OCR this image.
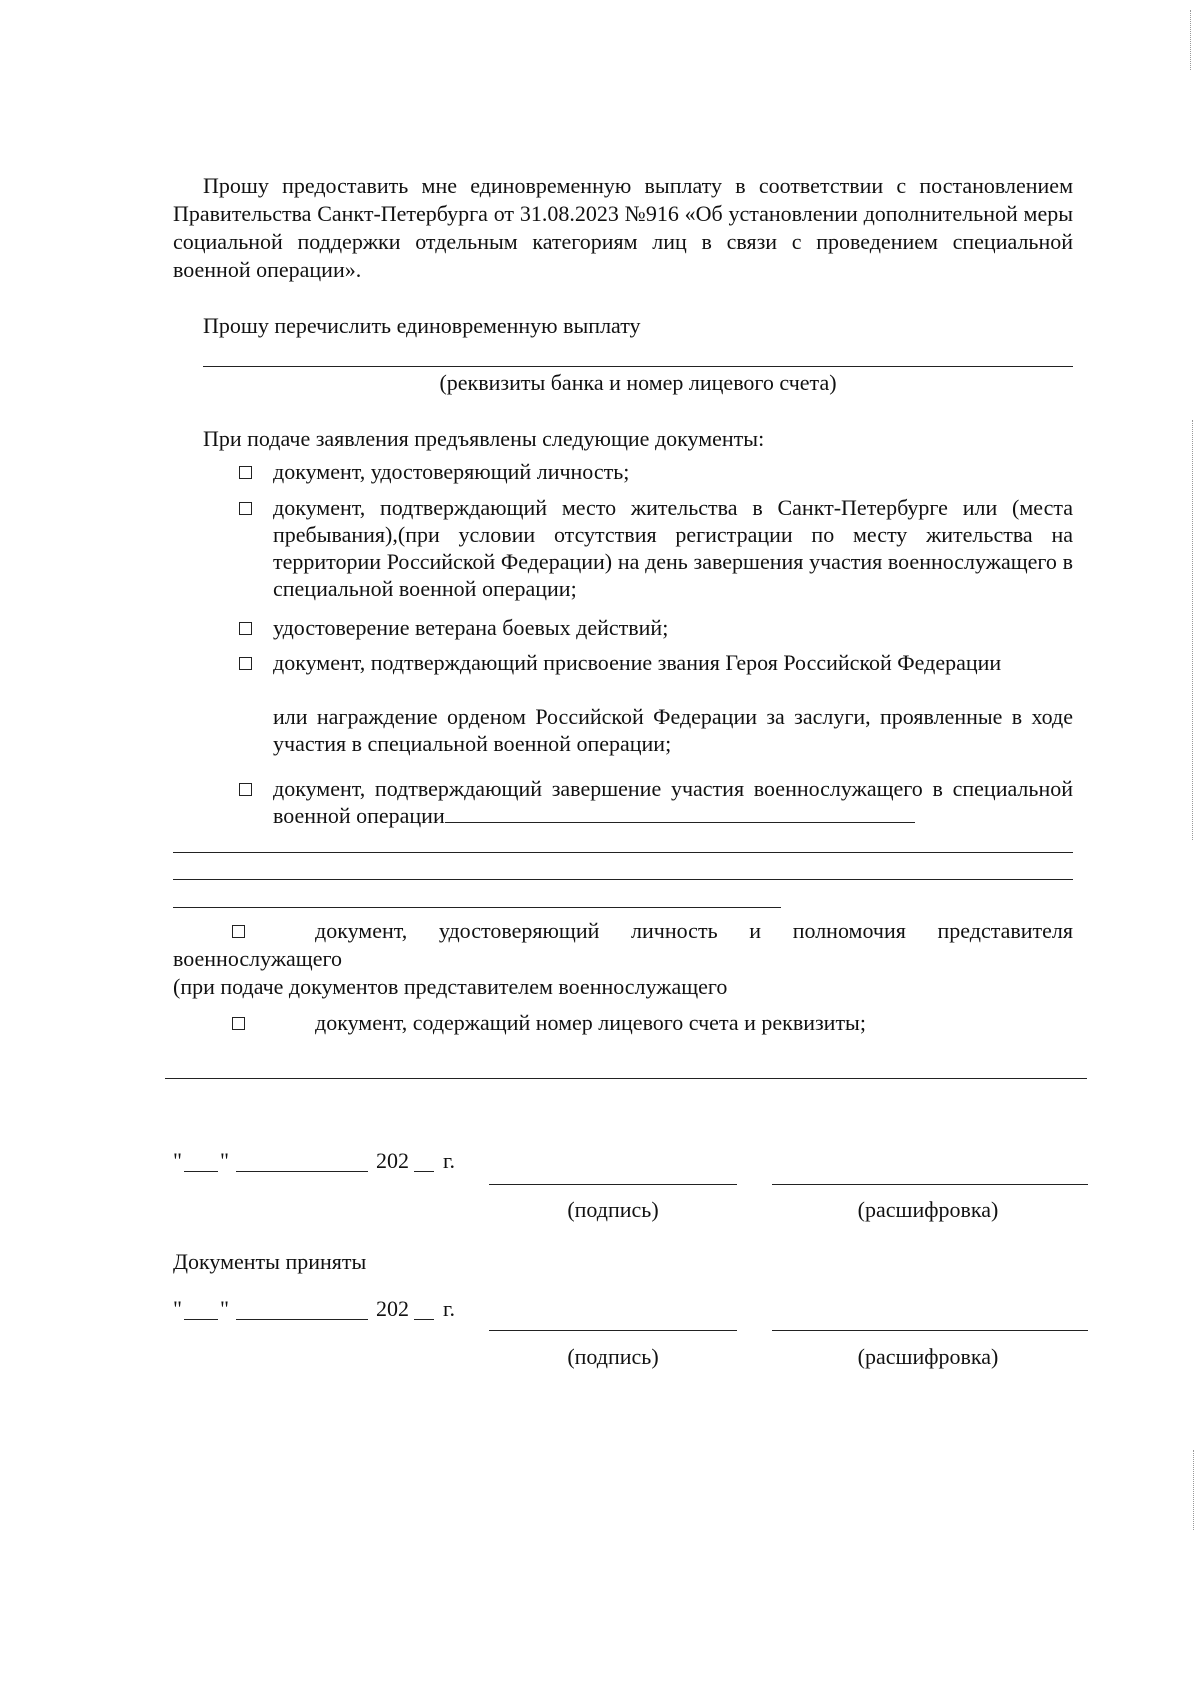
Прошу предоставить мне единовременную выплату в соответствии с постановлением Правительства Санкт-Петербурга от 31.08.2023 №916 «Об установлении дополнительной меры социальной поддержки отдельным категориям лиц в связи с проведением специальной военной операции».
Прошу перечислить единовременную выплату
(реквизиты банка и номер лицевого счета)
При подаче заявления предъявлены следующие документы:
документ, удостоверяющий личность;
документ, подтверждающий место жительства в Санкт-Петербурге или (места пребывания),(при условии отсутствия регистрации по месту жительства на территории Российской Федерации) на день завершения участия военнослужащего в специальной военной операции;
удостоверение ветерана боевых действий;
документ, подтверждающий присвоение звания Героя Российской Федерации
или награждение орденом Российской Федерации за заслуги, проявленные в ходе участия в специальной военной операции;
документ, подтверждающий завершение участия военнослужащего в специальной военной операции
документ, удостоверяющий личность и полномочия представителя военнослужащего
(при подаче документов представителем военнослужащего
документ, содержащий номер лицевого счета и реквизиты;
" "	202 г.
(подпись)	(расшифровка)
Документы приняты
" "	202 г.
(подпись)	(расшифровка)
